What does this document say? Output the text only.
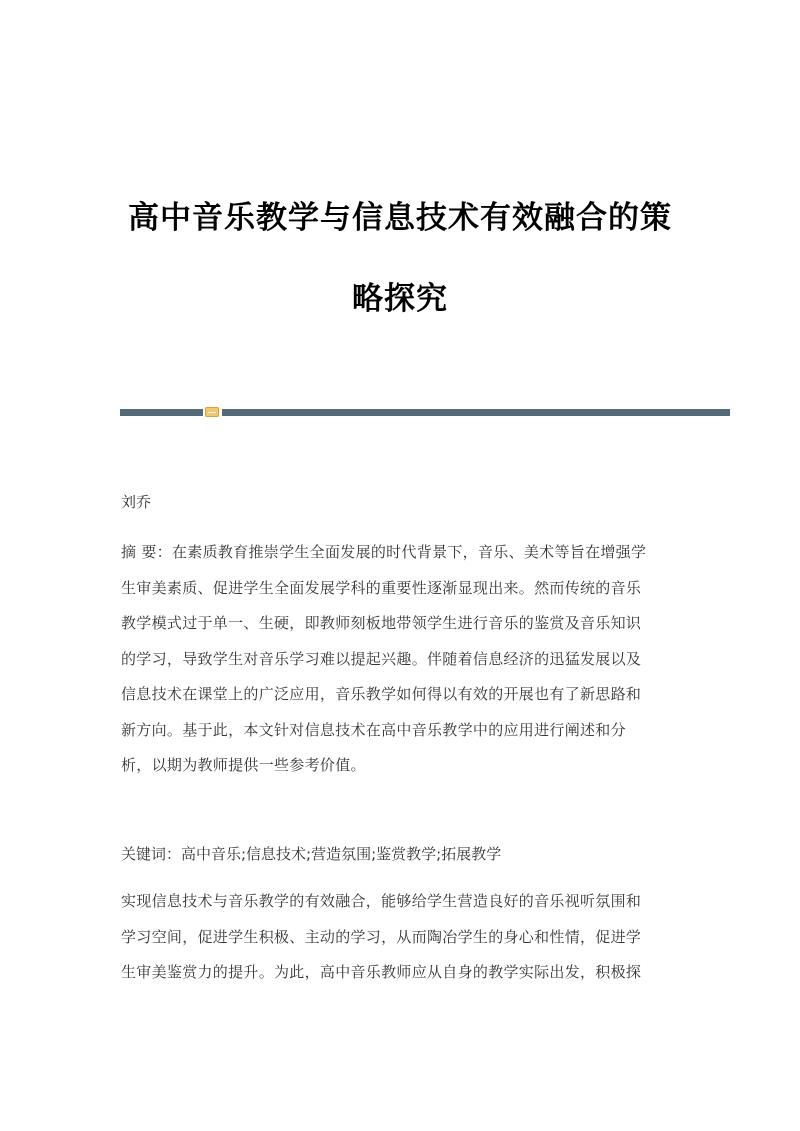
高中音乐教学与信息技术有效融合的策
略探究
刘乔
摘 要：在素质教育推崇学生全面发展的时代背景下，音乐、美术等旨在增强学
生审美素质、促进学生全面发展学科的重要性逐渐显现出来。然而传统的音乐
教学模式过于单一、生硬，即教师刻板地带领学生进行音乐的鉴赏及音乐知识
的学习，导致学生对音乐学习难以提起兴趣。伴随着信息经济的迅猛发展以及
信息技术在课堂上的广泛应用，音乐教学如何得以有效的开展也有了新思路和
新方向。基于此，本文针对信息技术在高中音乐教学中的应用进行阐述和分
析，以期为教师提供一些参考价值。
关键词：高中音乐;信息技术;营造氛围;鉴赏教学;拓展教学
实现信息技术与音乐教学的有效融合，能够给学生营造良好的音乐视听氛围和
学习空间，促进学生积极、主动的学习，从而陶冶学生的身心和性情，促进学
生审美鉴赏力的提升。为此，高中音乐教师应从自身的教学实际出发，积极探
